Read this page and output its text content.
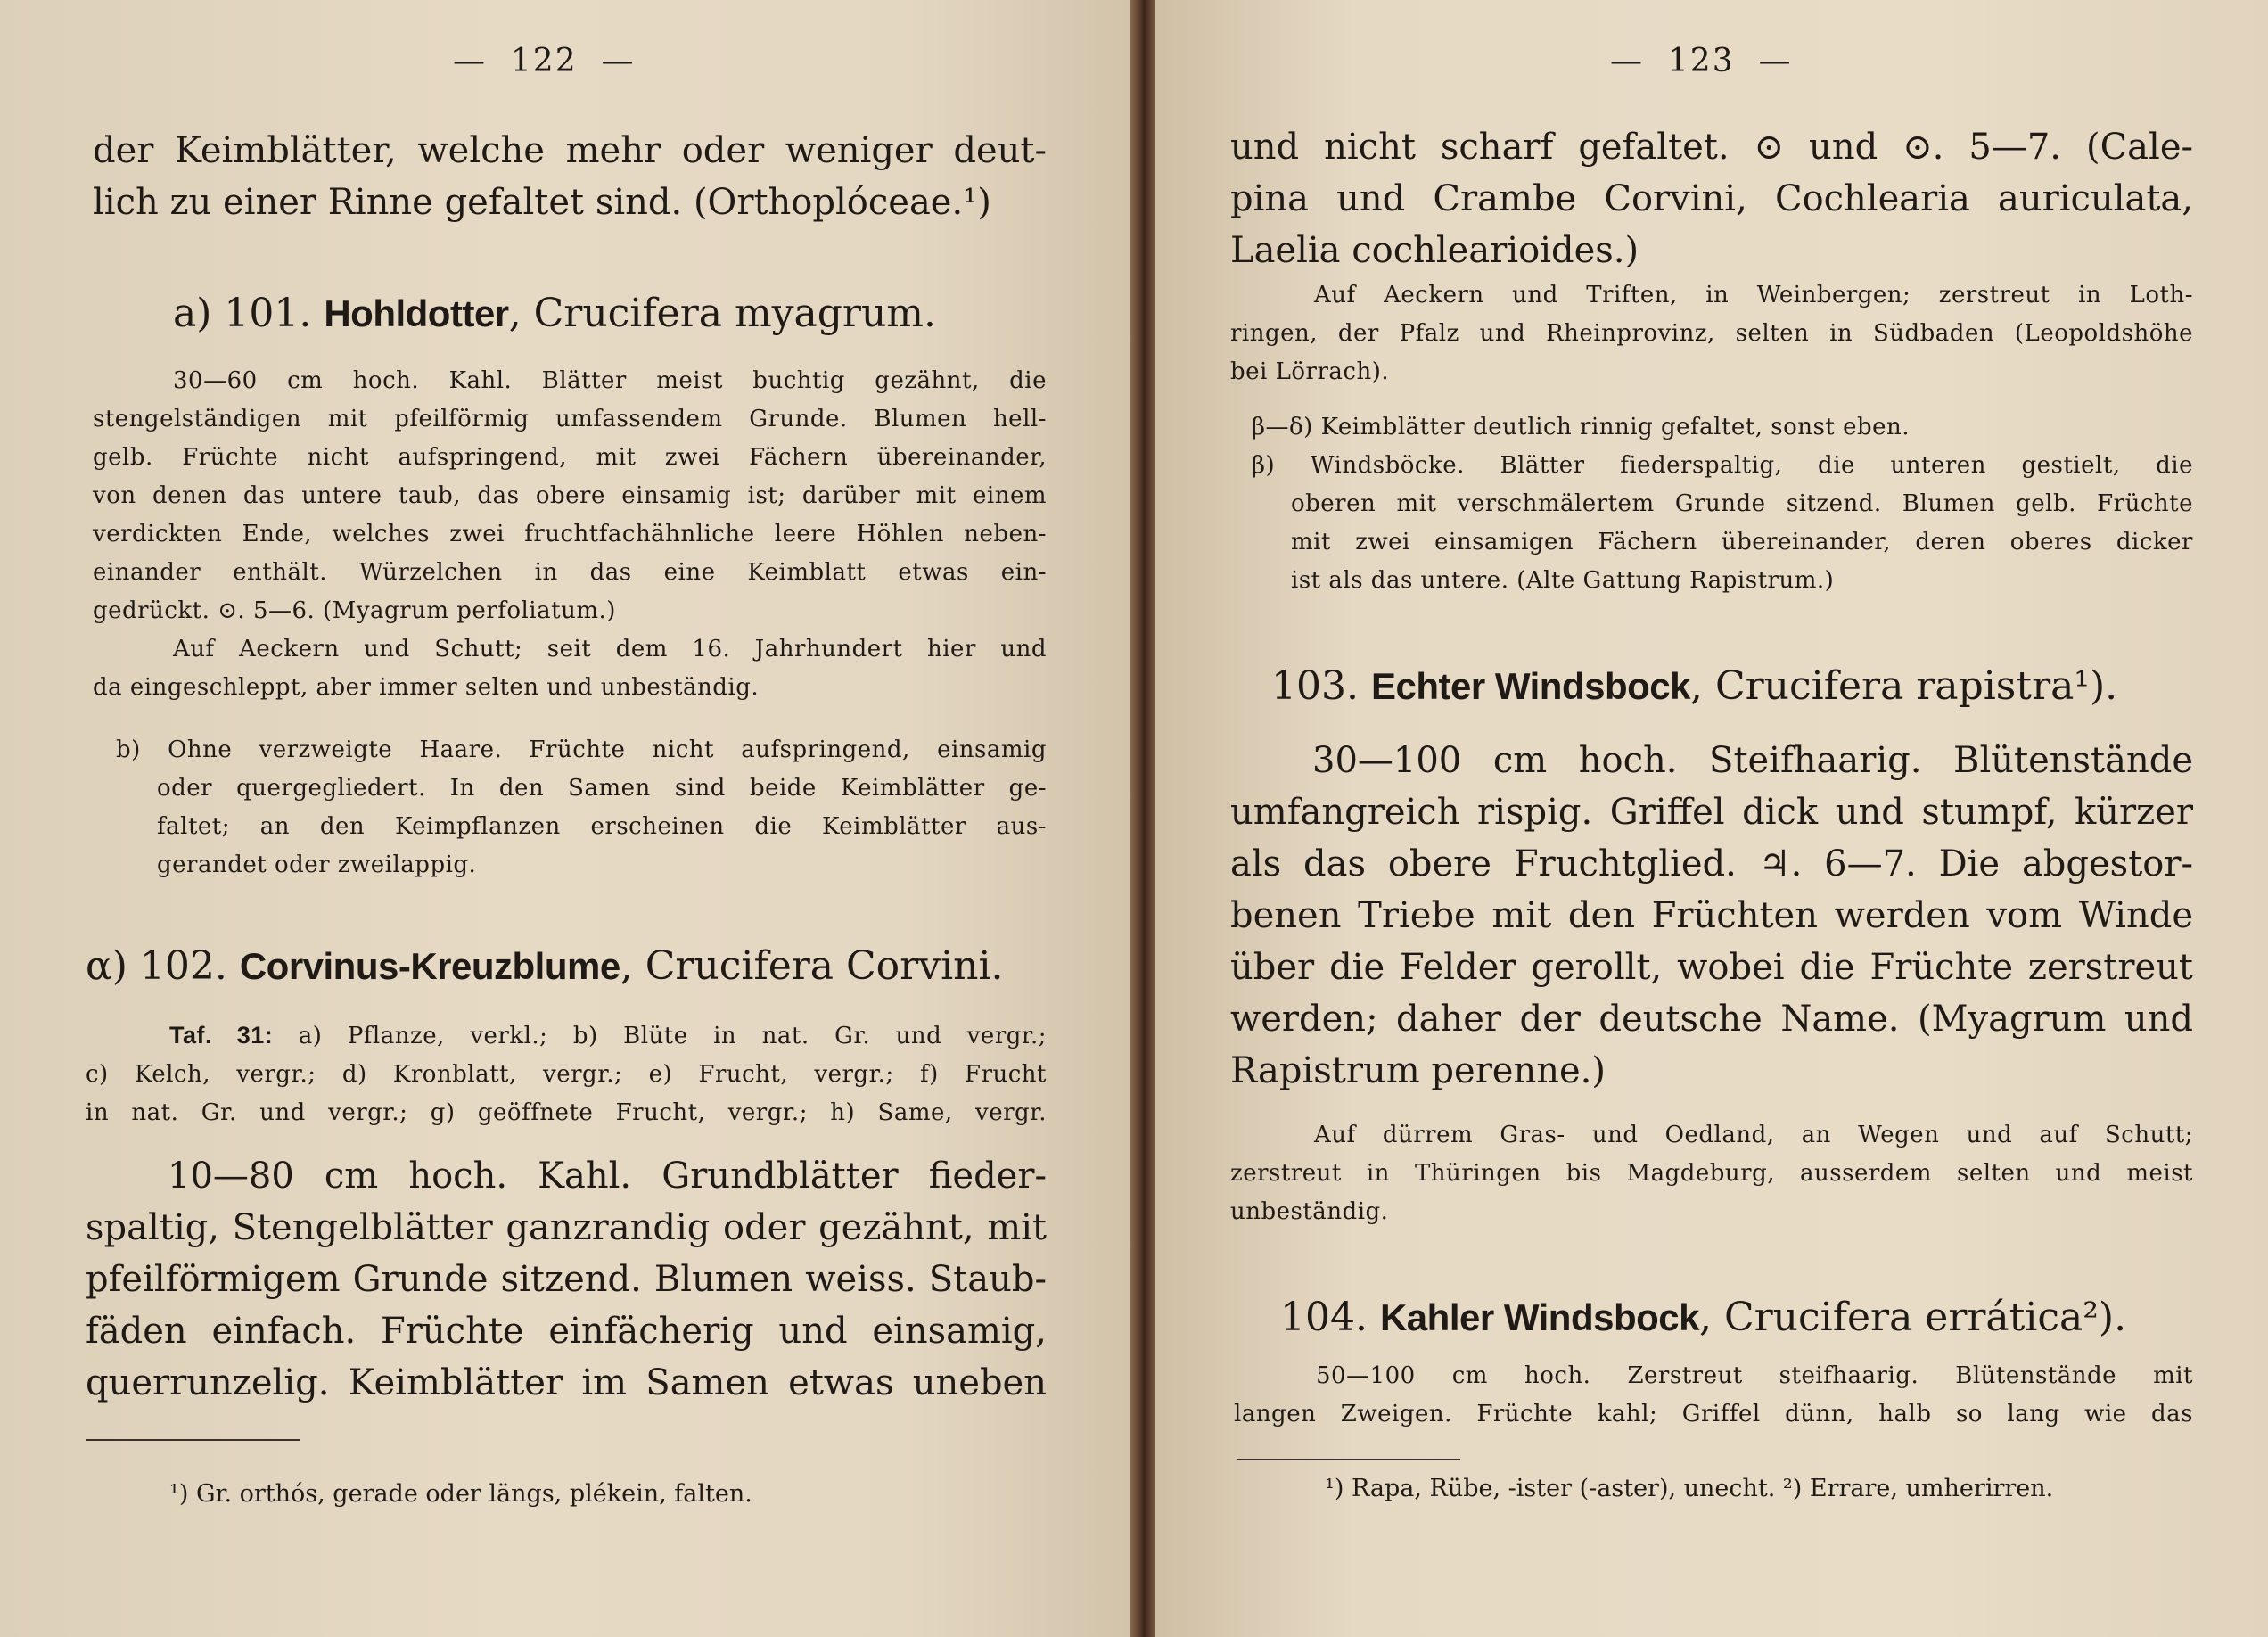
—  122  —
der Keimblätter, welche mehr oder weniger deut-
lich zu einer Rinne gefaltet sind. (Orthoplóceae.¹)
a) 101. Hohldotter, Crucifera myagrum.
30—60 cm hoch. Kahl. Blätter meist buchtig gezähnt, die
stengelständigen mit pfeilförmig umfassendem Grunde. Blumen hell-
gelb. Früchte nicht aufspringend, mit zwei Fächern übereinander,
von denen das untere taub, das obere einsamig ist; darüber mit einem
verdickten Ende, welches zwei fruchtfachähnliche leere Höhlen neben-
einander enthält. Würzelchen in das eine Keimblatt etwas ein-
gedrückt. ⊙. 5—6. (Myagrum perfoliatum.)
Auf Aeckern und Schutt; seit dem 16. Jahrhundert hier und
da eingeschleppt, aber immer selten und unbeständig.
b) Ohne verzweigte Haare. Früchte nicht aufspringend, einsamig
oder quergegliedert. In den Samen sind beide Keimblätter ge-
faltet; an den Keimpflanzen erscheinen die Keimblätter aus-
gerandet oder zweilappig.
α) 102. Corvinus-Kreuzblume, Crucifera Corvini.
Taf. 31: a) Pflanze, verkl.; b) Blüte in nat. Gr. und vergr.;
c) Kelch, vergr.; d) Kronblatt, vergr.; e) Frucht, vergr.; f) Frucht
in nat. Gr. und vergr.; g) geöffnete Frucht, vergr.; h) Same, vergr.
10—80 cm hoch. Kahl. Grundblätter fieder-
spaltig, Stengelblätter ganzrandig oder gezähnt, mit
pfeilförmigem Grunde sitzend. Blumen weiss. Staub-
fäden einfach. Früchte einfächerig und einsamig,
querrunzelig. Keimblätter im Samen etwas uneben
¹) Gr. orthós, gerade oder längs, plékein, falten.
—  123  —
und nicht scharf gefaltet. ⊙ und ⊙. 5—7. (Cale-
pina und Crambe Corvini, Cochlearia auriculata,
Laelia cochlearioides.)
Auf Aeckern und Triften, in Weinbergen; zerstreut in Loth-
ringen, der Pfalz und Rheinprovinz, selten in Südbaden (Leopoldshöhe
bei Lörrach).
β—δ) Keimblätter deutlich rinnig gefaltet, sonst eben.
β) Windsböcke. Blätter fiederspaltig, die unteren gestielt, die
oberen mit verschmälertem Grunde sitzend. Blumen gelb. Früchte
mit zwei einsamigen Fächern übereinander, deren oberes dicker
ist als das untere. (Alte Gattung Rapistrum.)
103. Echter Windsbock, Crucifera rapistra¹).
30—100 cm hoch. Steifhaarig. Blütenstände
umfangreich rispig. Griffel dick und stumpf, kürzer
als das obere Fruchtglied. ♃. 6—7. Die abgestor-
benen Triebe mit den Früchten werden vom Winde
über die Felder gerollt, wobei die Früchte zerstreut
werden; daher der deutsche Name. (Myagrum und
Rapistrum perenne.)
Auf dürrem Gras- und Oedland, an Wegen und auf Schutt;
zerstreut in Thüringen bis Magdeburg, ausserdem selten und meist
unbeständig.
104. Kahler Windsbock, Crucifera errática²).
50—100 cm hoch. Zerstreut steifhaarig. Blütenstände mit
langen Zweigen. Früchte kahl; Griffel dünn, halb so lang wie das
¹) Rapa, Rübe, -ister (-aster), unecht. ²) Errare, umherirren.
